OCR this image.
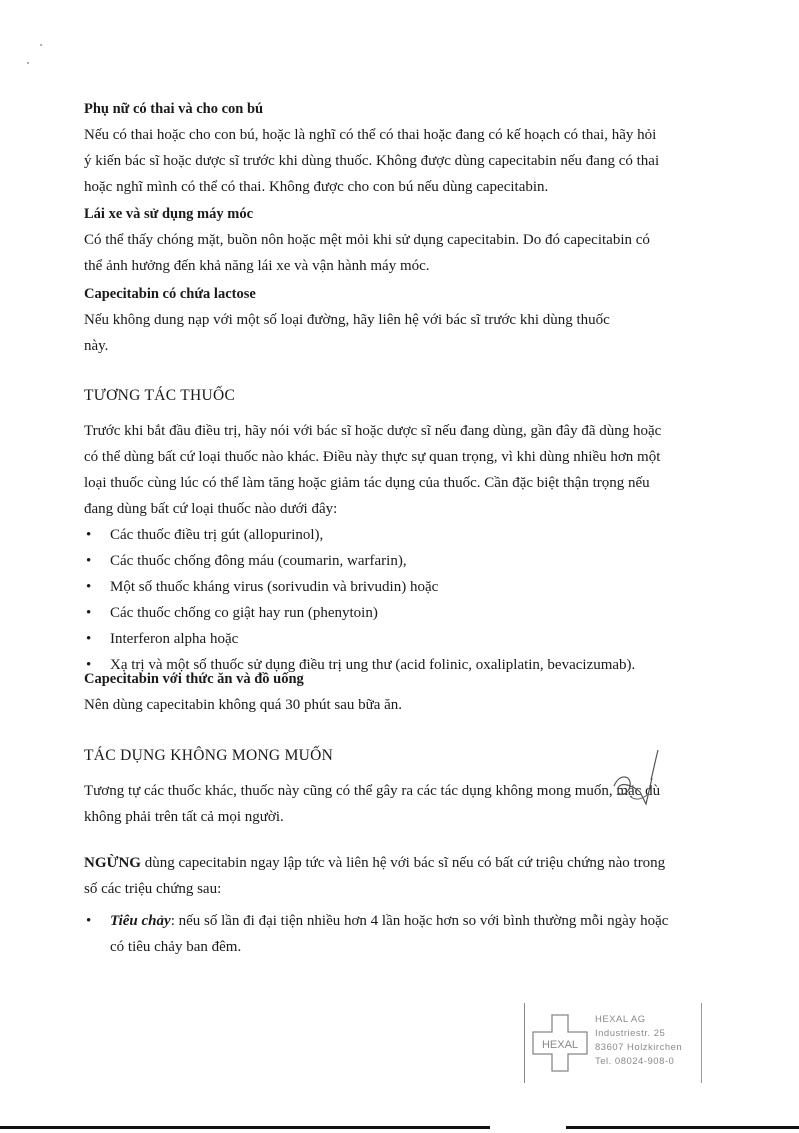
Phụ nữ có thai và cho con bú
Nếu có thai hoặc cho con bú, hoặc là nghĩ có thể có thai hoặc đang có kế hoạch có thai, hãy hỏi
ý kiến bác sĩ hoặc dược sĩ trước khi dùng thuốc. Không được dùng capecitabin nếu đang có thai
hoặc nghĩ mình có thể có thai. Không được cho con bú nếu dùng capecitabin.
Lái xe và sử dụng máy móc
Có thể thấy chóng mặt, buồn nôn hoặc mệt mỏi khi sử dụng capecitabin. Do đó capecitabin có
thể ảnh hưởng đến khả năng lái xe và vận hành máy móc.
Capecitabin có chứa lactose
Nếu không dung nạp với một số loại đường, hãy liên hệ với bác sĩ trước khi dùng thuốc
này.
TƯƠNG TÁC THUỐC
Trước khi bắt đầu điều trị, hãy nói với bác sĩ hoặc dược sĩ nếu đang dùng, gần đây đã dùng hoặc
có thể dùng bất cứ loại thuốc nào khác. Điều này thực sự quan trọng, vì khi dùng nhiều hơn một
loại thuốc cùng lúc có thể làm tăng hoặc giảm tác dụng của thuốc. Cần đặc biệt thận trọng nếu
đang dùng bất cứ loại thuốc nào dưới đây:
• Các thuốc điều trị gút (allopurinol),
• Các thuốc chống đông máu (coumarin, warfarin),
• Một số thuốc kháng virus (sorivudin và brivudin) hoặc
• Các thuốc chống co giật hay run (phenytoin)
• Interferon alpha hoặc
• Xạ trị và một số thuốc sử dụng điều trị ung thư (acid folinic, oxaliplatin, bevacizumab).
Capecitabin với thức ăn và đồ uống
Nên dùng capecitabin không quá 30 phút sau bữa ăn.
TÁC DỤNG KHÔNG MONG MUỐN
Tương tự các thuốc khác, thuốc này cũng có thể gây ra các tác dụng không mong muốn, mặc dù
không phải trên tất cả mọi người.
NGỪNG dùng capecitabin ngay lập tức và liên hệ với bác sĩ nếu có bất cứ triệu chứng nào trong
số các triệu chứng sau:
• Tiêu chảy: nếu số lần đi đại tiện nhiều hơn 4 lần hoặc hơn so với bình thường mỗi ngày hoặc
có tiêu chảy ban đêm.
HEXAL
HEXAL AG
Industriestr. 25
83607 Holzkirchen
Tel. 08024-908-0
